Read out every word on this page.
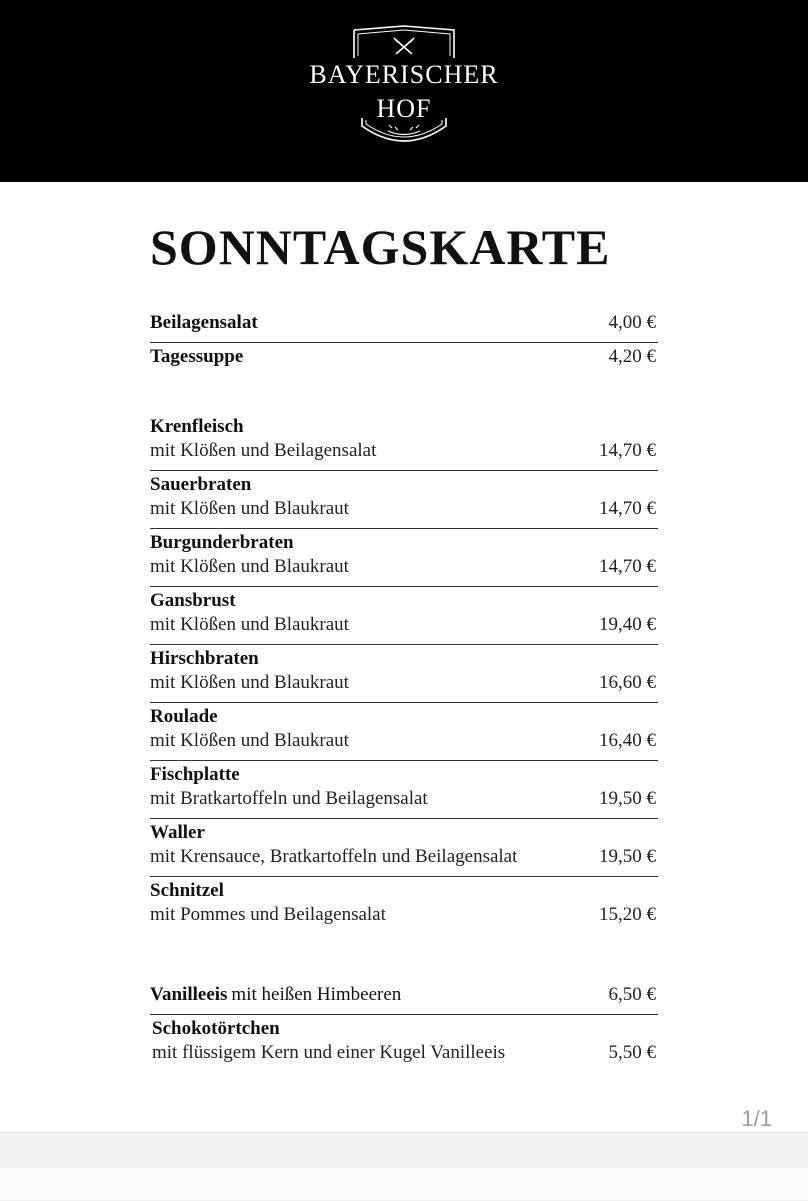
BAYERISCHER
HOF
SONNTAGSKARTE
Beilagensalat	4,00 €
Tagessuppe	4,20 €
Krenfleisch
mit Klößen und Beilagensalat	14,70 €
Sauerbraten
mit Klößen und Blaukraut	14,70 €
Burgunderbraten
mit Klößen und Blaukraut	14,70 €
Gansbrust
mit Klößen und Blaukraut	19,40 €
Hirschbraten
mit Klößen und Blaukraut	16,60 €
Roulade
mit Klößen und Blaukraut	16,40 €
Fischplatte
mit Bratkartoffeln und Beilagensalat	19,50 €
Waller
mit Krensauce, Bratkartoffeln und Beilagensalat	19,50 €
Schnitzel
mit Pommes und Beilagensalat	15,20 €
Vanilleeis mit heißen Himbeeren	6,50 €
Schokotörtchen
mit flüssigem Kern und einer Kugel Vanilleeis	5,50 €
1/1
